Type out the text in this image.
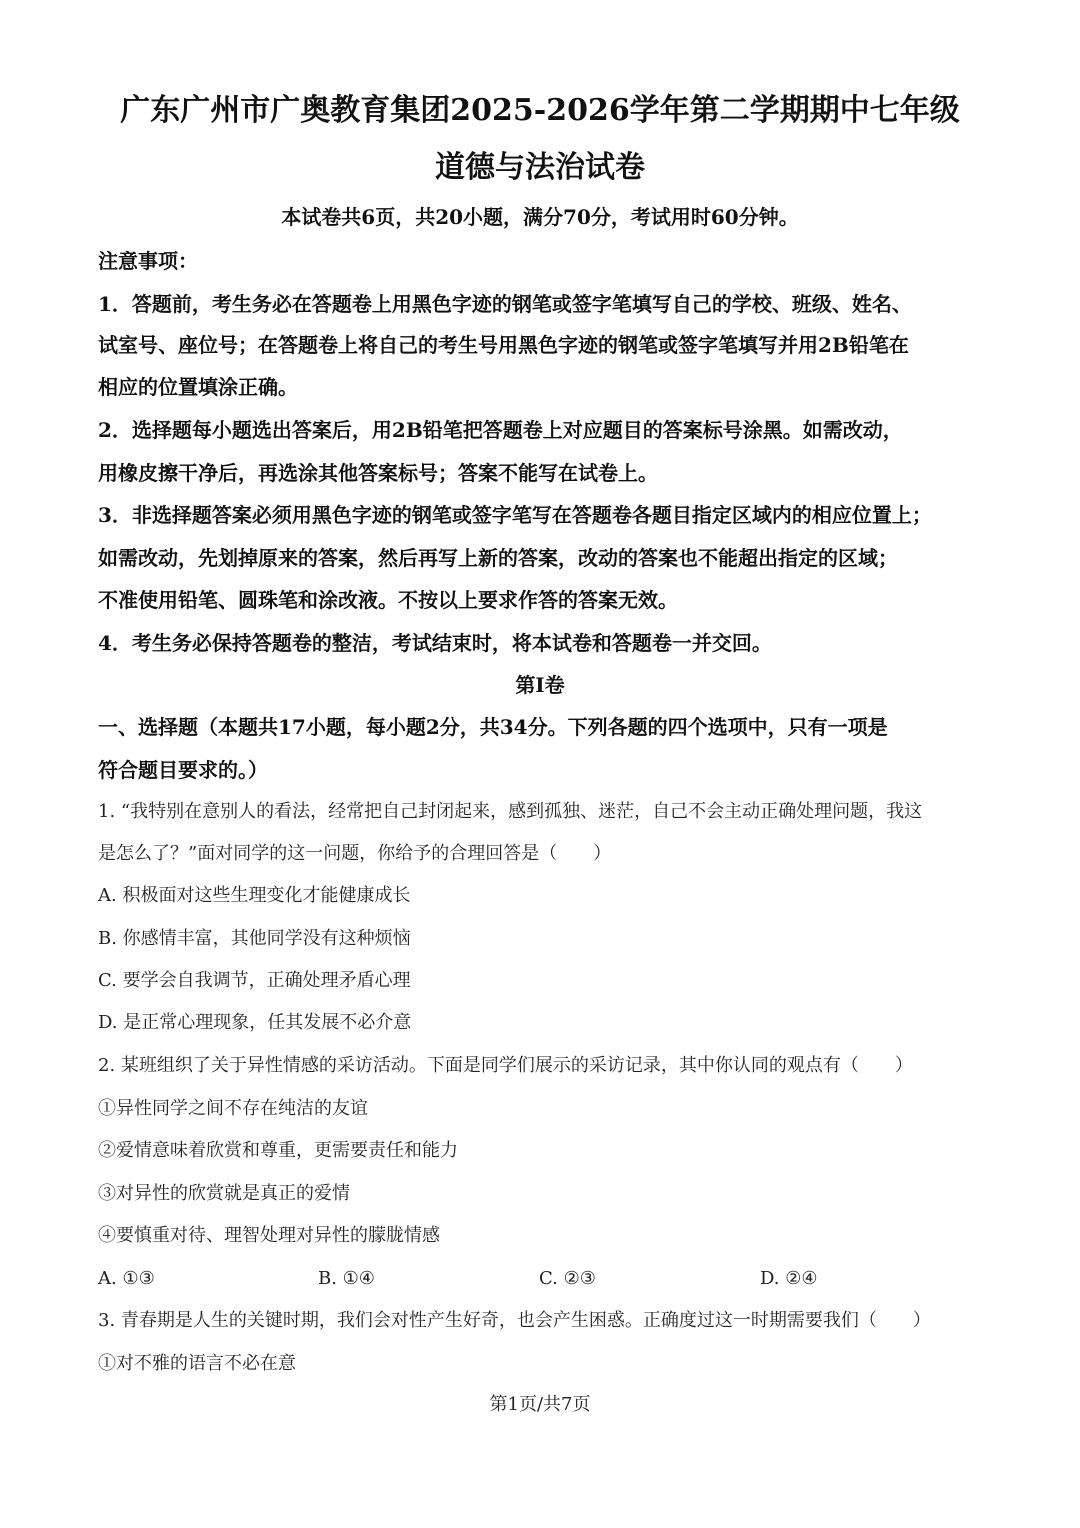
广东广州市广奥教育集团2025-2026学年第二学期期中七年级
道德与法治试卷
本试卷共6页，共20小题，满分70分，考试用时60分钟。
注意事项：
1．答题前，考生务必在答题卷上用黑色字迹的钢笔或签字笔填写自己的学校、班级、姓名、
试室号、座位号；在答题卷上将自己的考生号用黑色字迹的钢笔或签字笔填写并用2B铅笔在
相应的位置填涂正确。
2．选择题每小题选出答案后，用2B铅笔把答题卷上对应题目的答案标号涂黑。如需改动，
用橡皮擦干净后，再选涂其他答案标号；答案不能写在试卷上。
3．非选择题答案必须用黑色字迹的钢笔或签字笔写在答题卷各题目指定区域内的相应位置上；
如需改动，先划掉原来的答案，然后再写上新的答案，改动的答案也不能超出指定的区域；
不准使用铅笔、圆珠笔和涂改液。不按以上要求作答的答案无效。
4．考生务必保持答题卷的整洁，考试结束时，将本试卷和答题卷一并交回。
第I卷
一、选择题（本题共17小题，每小题2分，共34分。下列各题的四个选项中，只有一项是
符合题目要求的。）
1. “我特别在意别人的看法，经常把自己封闭起来，感到孤独、迷茫，自己不会主动正确处理问题，我这
是怎么了？”面对同学的这一问题，你给予的合理回答是（　　）
A. 积极面对这些生理变化才能健康成长
B. 你感情丰富，其他同学没有这种烦恼
C. 要学会自我调节，正确处理矛盾心理
D. 是正常心理现象，任其发展不必介意
2. 某班组织了关于异性情感的采访活动。下面是同学们展示的采访记录，其中你认同的观点有（　　）
①异性同学之间不存在纯洁的友谊
②爱情意味着欣赏和尊重，更需要责任和能力
③对异性的欣赏就是真正的爱情
④要慎重对待、理智处理对异性的朦胧情感
A. ①③	B. ①④	C. ②③	D. ②④
3. 青春期是人生的关键时期，我们会对性产生好奇，也会产生困惑。正确度过这一时期需要我们（　　）
①对不雅的语言不必在意
第1页/共7页
